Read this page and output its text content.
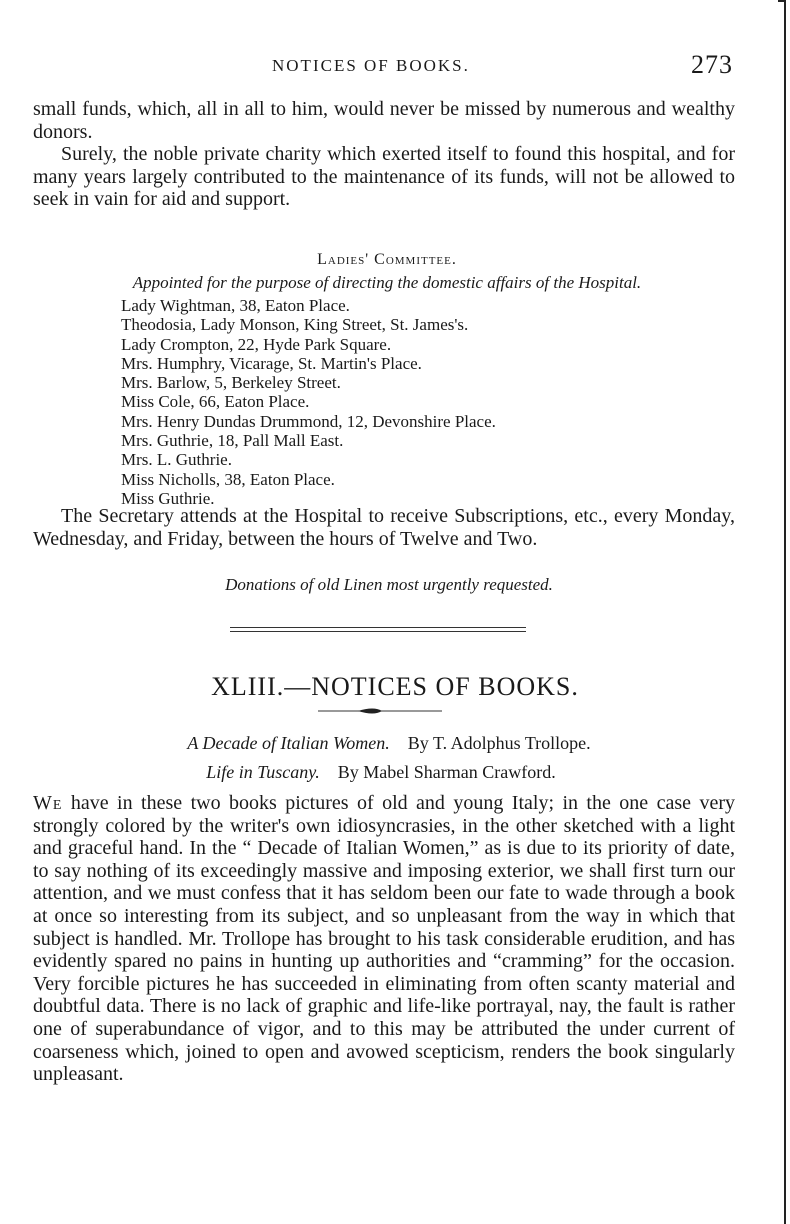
NOTICES OF BOOKS.	273

small funds, which, all in all to him, would never be missed by numerous and wealthy donors.

Surely, the noble private charity which exerted itself to found this hospital, and for many years largely contributed to the maintenance of its funds, will not be allowed to seek in vain for aid and support.

Ladies' Committee.
Appointed for the purpose of directing the domestic affairs of the Hospital.
Lady Wightman, 38, Eaton Place.
Theodosia, Lady Monson, King Street, St. James's.
Lady Crompton, 22, Hyde Park Square.
Mrs. Humphry, Vicarage, St. Martin's Place.
Mrs. Barlow, 5, Berkeley Street.
Miss Cole, 66, Eaton Place.
Mrs. Henry Dundas Drummond, 12, Devonshire Place.
Mrs. Guthrie, 18, Pall Mall East.
Mrs. L. Guthrie.
Miss Nicholls, 38, Eaton Place.
Miss Guthrie.
The Secretary attends at the Hospital to receive Subscriptions, etc., every Monday, Wednesday, and Friday, between the hours of Twelve and Two.
Donations of old Linen most urgently requested.
XLIII.—NOTICES OF BOOKS.
A Decade of Italian Women. By T. Adolphus Trollope.
Life in Tuscany. By Mabel Sharman Crawford.

We have in these two books pictures of old and young Italy; in the one case very strongly colored by the writer's own idiosyncrasies, in the other sketched with a light and graceful hand. In the “ Decade of Italian Women,” as is due to its priority of date, to say nothing of its exceedingly massive and imposing exterior, we shall first turn our attention, and we must confess that it has seldom been our fate to wade through a book at once so interesting from its subject, and so unpleasant from the way in which that subject is handled. Mr. Trollope has brought to his task considerable erudition, and has evidently spared no pains in hunting up authorities and “cramming” for the occasion. Very forcible pictures he has succeeded in eliminating from often scanty material and doubtful data. There is no lack of graphic and life-like portrayal, nay, the fault is rather one of superabundance of vigor, and to this may be attributed the under current of coarseness which, joined to open and avowed scepticism, renders the book singularly unpleasant.
